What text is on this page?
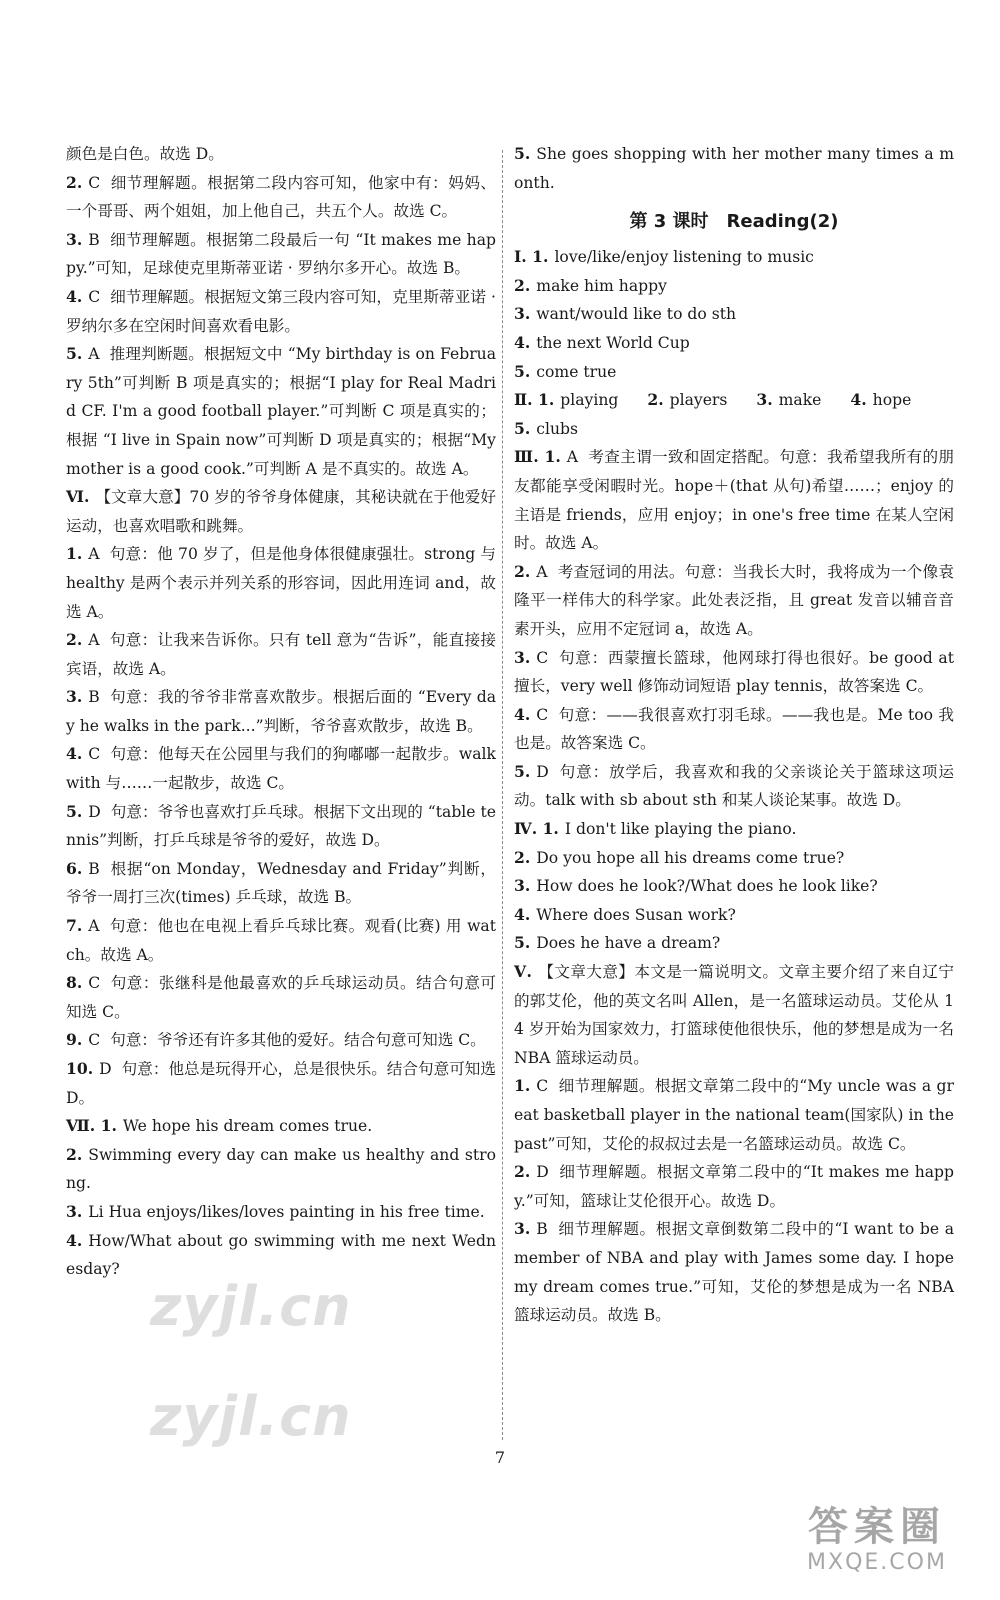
颜色是白色。故选 D。
2. C 细节理解题。根据第二段内容可知，他家中有：妈妈、一个哥哥、两个姐姐，加上他自己，共五个人。故选 C。
3. B 细节理解题。根据第二段最后一句 “It makes me happy.”可知，足球使克里斯蒂亚诺 · 罗纳尔多开心。故选 B。
4. C 细节理解题。根据短文第三段内容可知，克里斯蒂亚诺 · 罗纳尔多在空闲时间喜欢看电影。
5. A 推理判断题。根据短文中 “My birthday is on February 5th”可判断 B 项是真实的；根据“I play for Real Madrid CF. I'm a good football player.”可判断 C 项是真实的；根据 “I live in Spain now”可判断 D 项是真实的；根据“My mother is a good cook.”可判断 A 是不真实的。故选 A。
Ⅵ. 【文章大意】70 岁的爷爷身体健康，其秘诀就在于他爱好运动，也喜欢唱歌和跳舞。
1. A 句意：他 70 岁了，但是他身体很健康强壮。strong 与 healthy 是两个表示并列关系的形容词，因此用连词 and，故选 A。
2. A 句意：让我来告诉你。只有 tell 意为“告诉”，能直接接宾语，故选 A。
3. B 句意：我的爷爷非常喜欢散步。根据后面的 “Every day he walks in the park...”判断，爷爷喜欢散步，故选 B。
4. C 句意：他每天在公园里与我们的狗嘟嘟一起散步。walk with 与……一起散步，故选 C。
5. D 句意：爷爷也喜欢打乒乓球。根据下文出现的 “table tennis”判断，打乒乓球是爷爷的爱好，故选 D。
6. B 根据“on Monday，Wednesday and Friday”判断，爷爷一周打三次(times) 乒乓球，故选 B。
7. A 句意：他也在电视上看乒乓球比赛。观看(比赛) 用 watch。故选 A。
8. C 句意：张继科是他最喜欢的乒乓球运动员。结合句意可知选 C。
9. C 句意：爷爷还有许多其他的爱好。结合句意可知选 C。
10. D 句意：他总是玩得开心，总是很快乐。结合句意可知选 D。
Ⅶ. 1. We hope his dream comes true.
2. Swimming every day can make us healthy and strong.
3. Li Hua enjoys/likes/loves painting in his free time.
4. How/What about go swimming with me next Wednesday?
5. She goes shopping with her mother many times a month.
第 3 课时　Reading(2)
Ⅰ. 1. love/like/enjoy listening to music
2. make him happy
3. want/would like to do sth
4. the next World Cup
5. come true
Ⅱ. 1. playing 2. players 3. make 4. hope
5. clubs
Ⅲ. 1. A 考查主谓一致和固定搭配。句意：我希望我所有的朋友都能享受闲暇时光。hope＋(that 从句)希望……；enjoy 的主语是 friends，应用 enjoy；in one's free time 在某人空闲时。故选 A。
2. A 考查冠词的用法。句意：当我长大时，我将成为一个像袁隆平一样伟大的科学家。此处表泛指，且 great 发音以辅音音素开头，应用不定冠词 a，故选 A。
3. C 句意：西蒙擅长篮球，他网球打得也很好。be good at 擅长，very well 修饰动词短语 play tennis，故答案选 C。
4. C 句意：——我很喜欢打羽毛球。——我也是。Me too 我也是。故答案选 C。
5. D 句意：放学后，我喜欢和我的父亲谈论关于篮球这项运动。talk with sb about sth 和某人谈论某事。故选 D。
Ⅳ. 1. I don't like playing the piano.
2. Do you hope all his dreams come true?
3. How does he look?/What does he look like?
4. Where does Susan work?
5. Does he have a dream?
Ⅴ. 【文章大意】本文是一篇说明文。文章主要介绍了来自辽宁的郭艾伦，他的英文名叫 Allen，是一名篮球运动员。艾伦从 14 岁开始为国家效力，打篮球使他很快乐，他的梦想是成为一名 NBA 篮球运动员。
1. C 细节理解题。根据文章第二段中的“My uncle was a great basketball player in the national team(国家队) in the past”可知，艾伦的叔叔过去是一名篮球运动员。故选 C。
2. D 细节理解题。根据文章第二段中的“It makes me happy.”可知，篮球让艾伦很开心。故选 D。
3. B 细节理解题。根据文章倒数第二段中的“I want to be a member of NBA and play with James some day. I hope my dream comes true.”可知，艾伦的梦想是成为一名 NBA 篮球运动员。故选 B。
7
zyjl.cn
zyjl.cn
答案圈
MXQE.COM
